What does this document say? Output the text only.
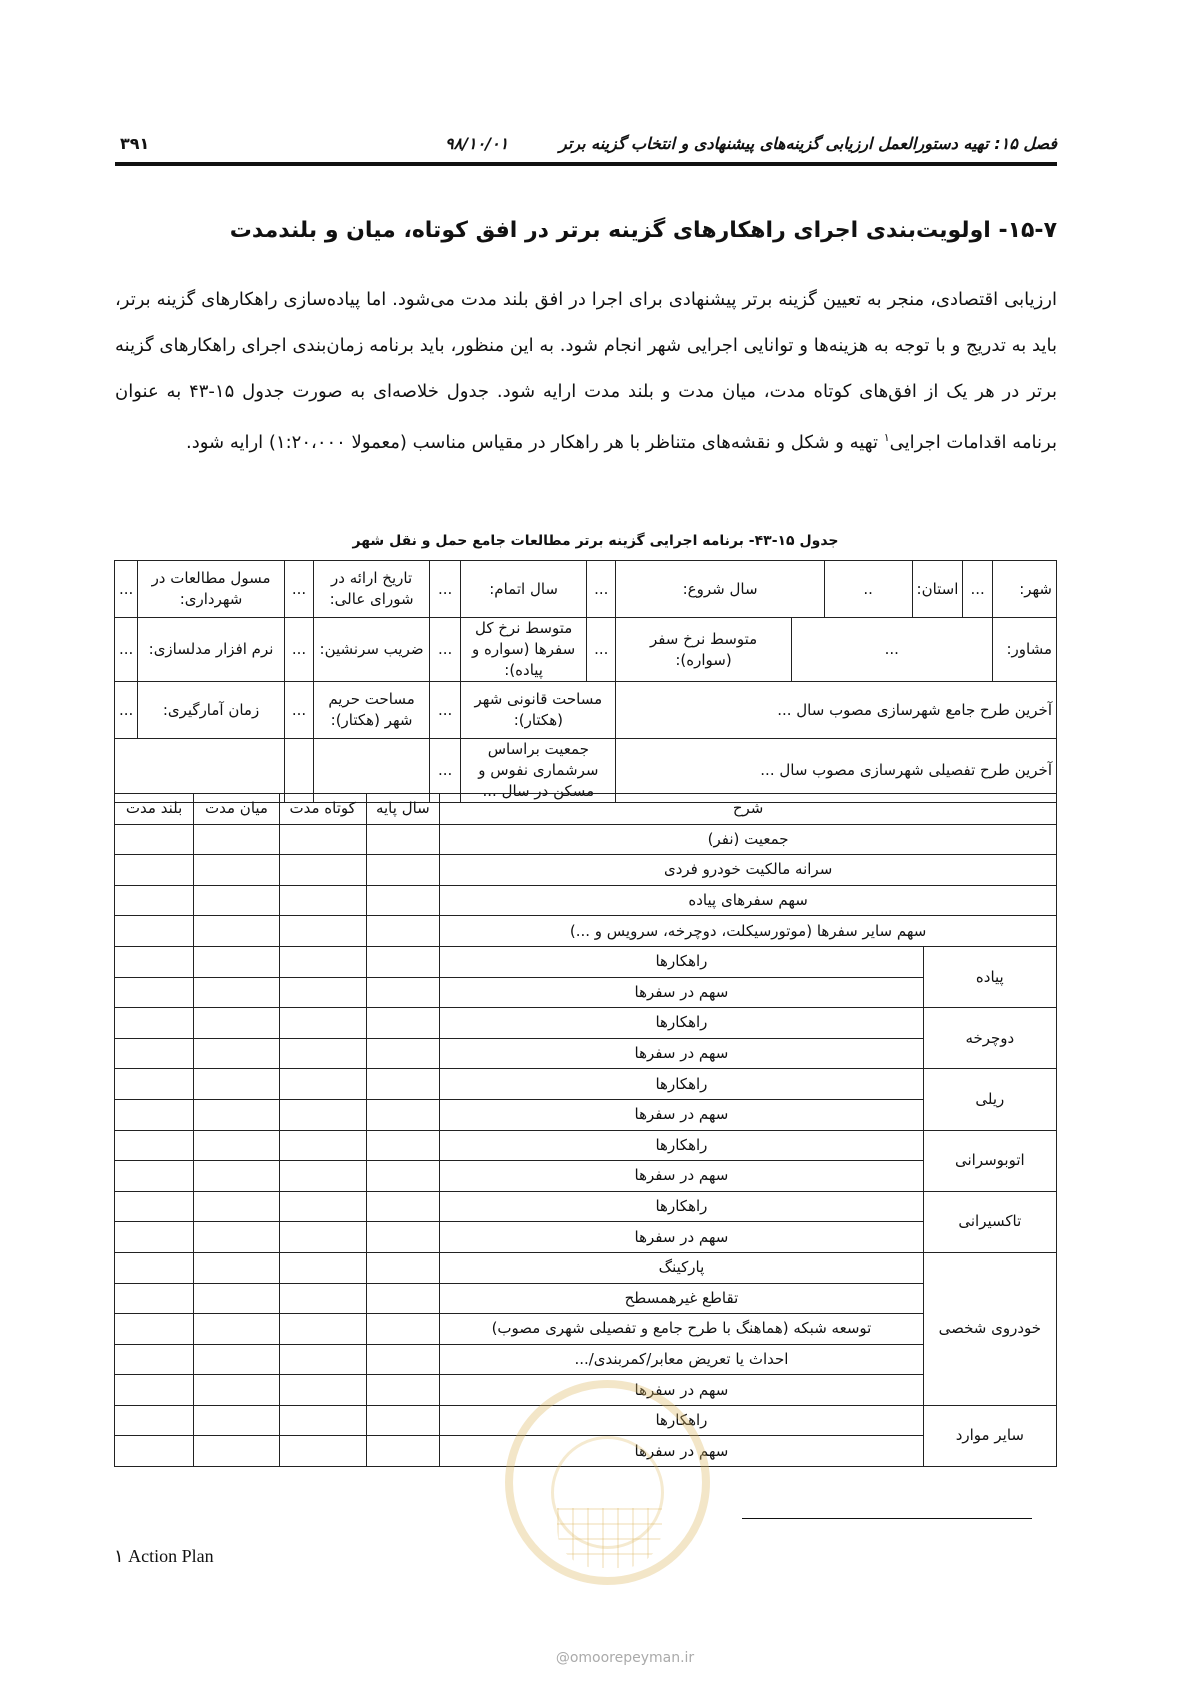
فصل ۱۵: تهیه دستورالعمل ارزیابی گزینه‌های پیشنهادی و انتخاب گزینه برتر
۹۸/۱۰/۰۱
۳۹۱
۱۵-۷- اولویت‌بندی اجرای راهکارهای گزینه برتر در افق کوتاه، میان و بلندمدت
ارزیابی اقتصادی، منجر به تعیین گزینه برتر پیشنهادی برای اجرا در افق بلند مدت می‌شود. اما پیاده‌سازی راهکارهای گزینه برتر، باید به تدریج و با توجه به هزینه‌ها و توانایی اجرایی شهر انجام شود. به این منظور، باید برنامه زمان‌بندی اجرای راهکارهای گزینه برتر در هر یک از افق‌های کوتاه مدت، میان مدت و بلند مدت ارایه شود. جدول خلاصه‌ای به صورت جدول ۱۵-۴۳ به عنوان برنامه اقدامات اجرایی$^۱$ تهیه و شکل و نقشه‌های متناظر با هر راهکار در مقیاس مناسب (معمولا ۱:۲۰،۰۰۰) ارایه شود.
جدول ۱۵-۴۳- برنامه اجرایی گزینه برتر مطالعات جامع حمل و نقل شهر
شهر:	...	استان:	..	سال شروع:		...	سال اتمام:	...	تاریخ ارائه در شورای عالی:	...	مسول مطالعات در شهرداری:	...
مشاور:	...				متوسط نرخ سفر (سواره):	...	متوسط نرخ کل سفرها (سواره و پیاده):	...	ضریب سرنشین:	...	نرم افزار مدلسازی:	...
آخرین طرح جامع شهرسازی مصوب سال ...						مساحت قانونی شهر (هکتار):		...	مساحت حریم شهر (هکتار):	...	زمان آمارگیری:	...
آخرین طرح تفصیلی شهرسازی مصوب سال ...						جمعیت براساس سرشماری نفوس و مسکن در سال ...		...				
شرح		سال پایه	کوتاه مدت	میان مدت	بلند مدت
جمعیت (نفر)					
سرانه مالکیت خودرو فردی					
سهم سفرهای پیاده					
سهم سایر سفرها (موتورسیکلت، دوچرخه، سرویس و ...)					
پیاده	راهکارها				
	سهم در سفرها				
دوچرخه	راهکارها				
	سهم در سفرها				
ریلی	راهکارها				
	سهم در سفرها				
اتوبوسرانی	راهکارها				
	سهم در سفرها				
تاکسیرانی	راهکارها				
	سهم در سفرها				
خودروی شخصی	پارکینگ				
	تقاطع غیرهمسطح				
	توسعه شبکه (هماهنگ با طرح جامع و تفصیلی شهری مصوب)				
	احداث یا تعریض معابر/کمربندی/...				
	سهم در سفرها				
سایر موارد	راهکارها				
	سهم در سفرها				
@omoorepeyman.ir
۱ Action Plan
